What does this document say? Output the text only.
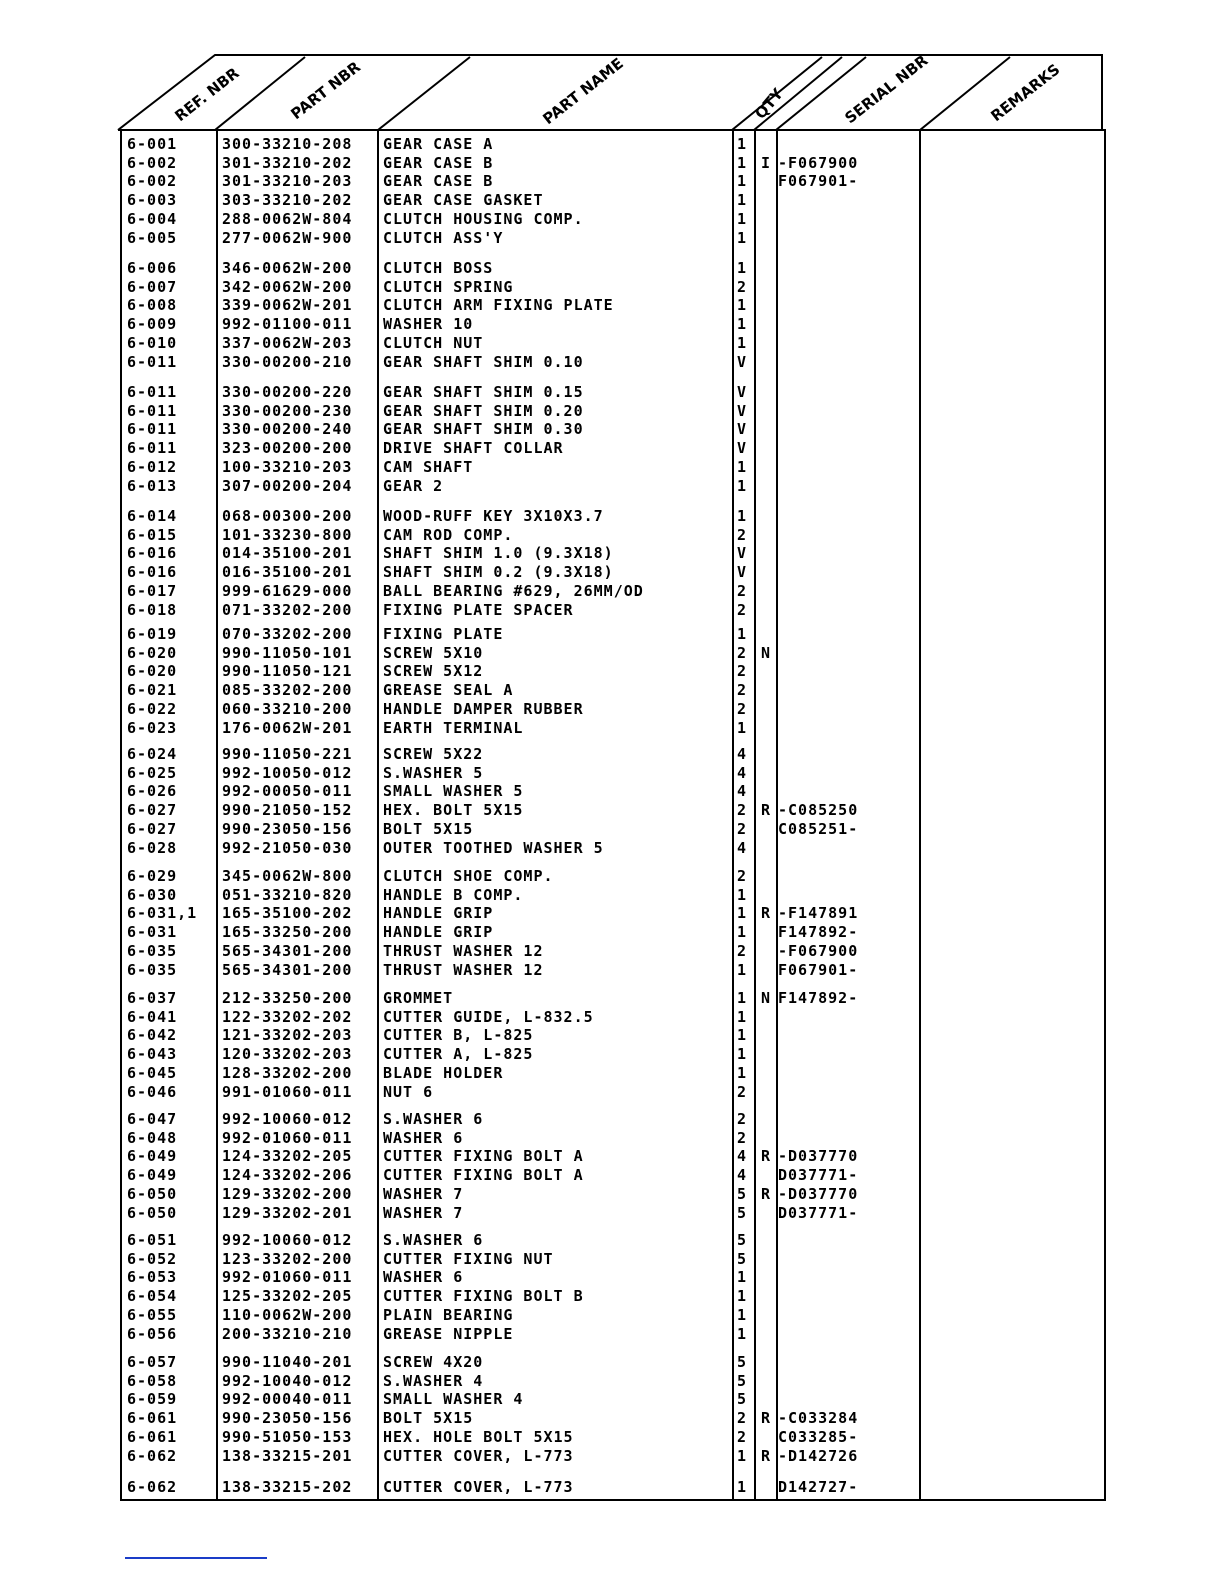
REF. NBR	PART NBR	PART NAME	QTY	SERIAL NBR	REMARKS
6-001	300-33210-208	GEAR CASE A	1
6-002	301-33210-202	GEAR CASE B	1 I -F067900
6-002	301-33210-203	GEAR CASE B	1 F067901-
6-003	303-33210-202	GEAR CASE GASKET	1
6-004	288-0062W-804	CLUTCH HOUSING COMP.	1
6-005	277-0062W-900	CLUTCH ASS'Y	1
6-006	346-0062W-200	CLUTCH BOSS	1
6-007	342-0062W-200	CLUTCH SPRING	2
6-008	339-0062W-201	CLUTCH ARM FIXING PLATE	1
6-009	992-01100-011	WASHER 10	1
6-010	337-0062W-203	CLUTCH NUT	1
6-011	330-00200-210	GEAR SHAFT SHIM 0.10	V
6-011	330-00200-220	GEAR SHAFT SHIM 0.15	V
6-011	330-00200-230	GEAR SHAFT SHIM 0.20	V
6-011	330-00200-240	GEAR SHAFT SHIM 0.30	V
6-011	323-00200-200	DRIVE SHAFT COLLAR	V
6-012	100-33210-203	CAM SHAFT	1
6-013	307-00200-204	GEAR 2	1
6-014	068-00300-200	WOOD-RUFF KEY 3X10X3.7	1
6-015	101-33230-800	CAM ROD COMP.	2
6-016	014-35100-201	SHAFT SHIM 1.0 (9.3X18)	V
6-016	016-35100-201	SHAFT SHIM 0.2 (9.3X18)	V
6-017	999-61629-000	BALL BEARING #629, 26MM/OD	2
6-018	071-33202-200	FIXING PLATE SPACER	2
6-019	070-33202-200	FIXING PLATE	1
6-020	990-11050-101	SCREW 5X10	2 N
6-020	990-11050-121	SCREW 5X12	2
6-021	085-33202-200	GREASE SEAL A	2
6-022	060-33210-200	HANDLE DAMPER RUBBER	2
6-023	176-0062W-201	EARTH TERMINAL	1
6-024	990-11050-221	SCREW 5X22	4
6-025	992-10050-012	S.WASHER 5	4
6-026	992-00050-011	SMALL WASHER 5	4
6-027	990-21050-152	HEX. BOLT 5X15	2 R -C085250
6-027	990-23050-156	BOLT 5X15	2 C085251-
6-028	992-21050-030	OUTER TOOTHED WASHER 5	4
6-029	345-0062W-800	CLUTCH SHOE COMP.	2
6-030	051-33210-820	HANDLE B COMP.	1
6-031,1	165-35100-202	HANDLE GRIP	1 R -F147891
6-031	165-33250-200	HANDLE GRIP	1 F147892-
6-035	565-34301-200	THRUST WASHER 12	2 -F067900
6-035	565-34301-200	THRUST WASHER 12	1 F067901-
6-037	212-33250-200	GROMMET	1 N F147892-
6-041	122-33202-202	CUTTER GUIDE, L-832.5	1
6-042	121-33202-203	CUTTER B, L-825	1
6-043	120-33202-203	CUTTER A, L-825	1
6-045	128-33202-200	BLADE HOLDER	1
6-046	991-01060-011	NUT 6	2
6-047	992-10060-012	S.WASHER 6	2
6-048	992-01060-011	WASHER 6	2
6-049	124-33202-205	CUTTER FIXING BOLT A	4 R -D037770
6-049	124-33202-206	CUTTER FIXING BOLT A	4 D037771-
6-050	129-33202-200	WASHER 7	5 R -D037770
6-050	129-33202-201	WASHER 7	5 D037771-
6-051	992-10060-012	S.WASHER 6	5
6-052	123-33202-200	CUTTER FIXING NUT	5
6-053	992-01060-011	WASHER 6	1
6-054	125-33202-205	CUTTER FIXING BOLT B	1
6-055	110-0062W-200	PLAIN BEARING	1
6-056	200-33210-210	GREASE NIPPLE	1
6-057	990-11040-201	SCREW 4X20	5
6-058	992-10040-012	S.WASHER 4	5
6-059	992-00040-011	SMALL WASHER 4	5
6-061	990-23050-156	BOLT 5X15	2 R -C033284
6-061	990-51050-153	HEX. HOLE BOLT 5X15	2 C033285-
6-062	138-33215-201	CUTTER COVER, L-773	1 R -D142726
6-062	138-33215-202	CUTTER COVER, L-773	1 D142727-
